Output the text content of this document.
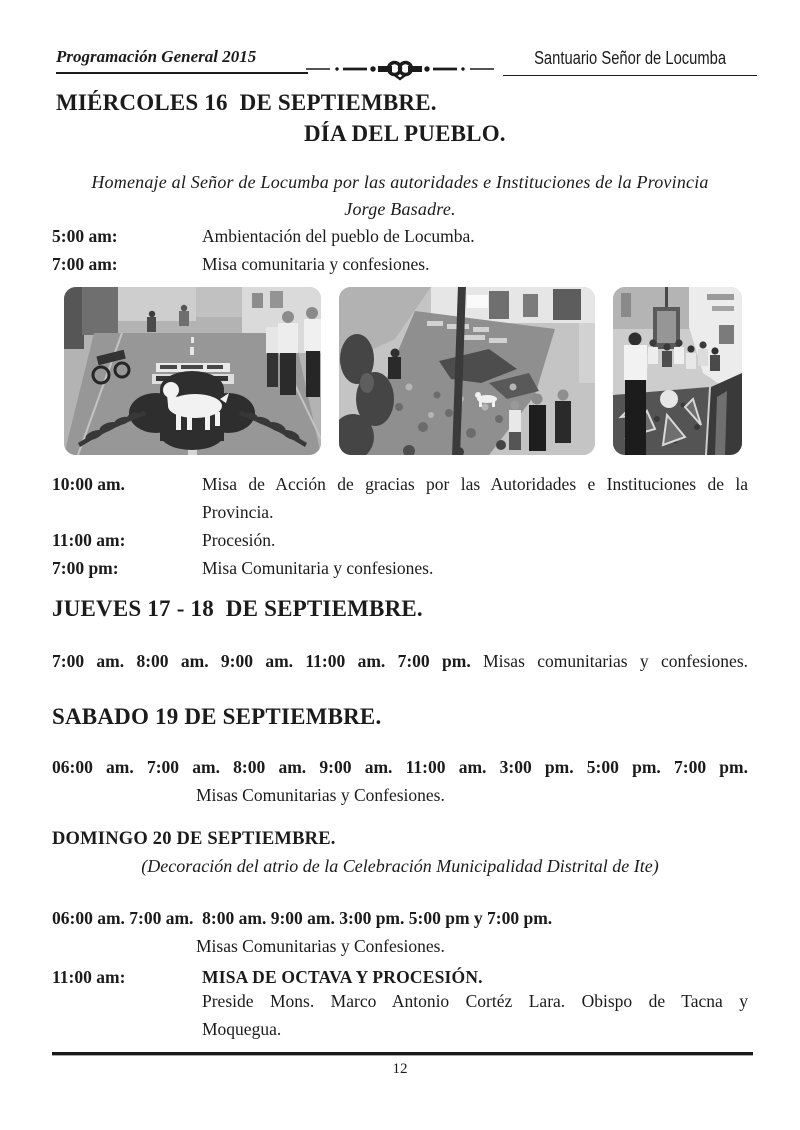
Programación General 2015	Santuario Señor de Locumba
MIÉRCOLES 16  DE SEPTIEMBRE.
DÍA DEL PUEBLO.
Homenaje al Señor de Locumba por las autoridades e Instituciones de la Provincia
Jorge Basadre.
5:00 am:	Ambientación del pueblo de Locumba.
7:00 am:	Misa comunitaria y confesiones.
10:00 am.	Misa de Acción de gracias por las Autoridades e Instituciones de la
Provincia.
11:00 am:	Procesión.
7:00 pm:	Misa Comunitaria y confesiones.
JUEVES 17 - 18  DE SEPTIEMBRE.
7:00 am. 8:00 am. 9:00 am. 11:00 am. 7:00 pm. Misas comunitarias y confesiones.
SABADO 19 DE SEPTIEMBRE.
06:00 am. 7:00 am. 8:00 am. 9:00 am. 11:00 am. 3:00 pm. 5:00 pm. 7:00 pm.
Misas Comunitarias y Confesiones.
DOMINGO 20 DE SEPTIEMBRE.
(Decoración del atrio de la Celebración Municipalidad Distrital de Ite)
06:00 am. 7:00 am.  8:00 am. 9:00 am. 3:00 pm. 5:00 pm y 7:00 pm.
Misas Comunitarias y Confesiones.
11:00 am:	MISA DE OCTAVA Y PROCESIÓN.
Preside Mons. Marco Antonio Cortéz Lara. Obispo de Tacna y
Moquegua.
12
